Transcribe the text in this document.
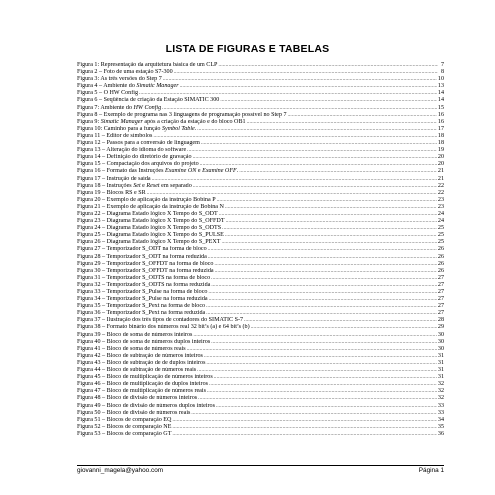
LISTA DE FIGURAS E TABELAS
Figura 1: Representação da arquitetura básica de um CLP .....	7
Figura 2 – Foto de uma estação S7-300 .....	8
Figura 3: As três versões do Step 7 .....	10
Figura 4 – Ambiente do Simatic Manager .....	13
Figura 5 – O HW Config .....	14
Figura 6 – Seqüência de criação da Estação SIMATIC 300 .....	14
Figura 7: Ambiente do HW Config .....	15
Figura 8 – Exemplo de programa nas 3 linguagens de programação possível no Step 7 .....	16
Figura 9: Simatic Manager após a criação da estação e do bloco OB1 .....	16
Figura 10: Caminho para a função Symbol Table. .....	17
Figura 11 – Editor de símbolos .....	18
Figura 12 – Passos para a conversão de linguagem .....	18
Figura 13 – Alteração do idioma do software .....	19
Figura 14 – Definição do diretório de gravação .....	20
Figura 15 – Compactação dos arquivos do projeto .....	20
Figura 16 – Formato das Instruções Examine ON e Examine OFF. .....	21
Figura 17 – Instrução de saída .....	21
Figura 18 – Instruções Set e Reset em separado .....	22
Figura 19 – Blocos RS e SR .....	22
Figura 20 – Exemplo de aplicação da instrução Bobina P .....	23
Figura 21 – Exemplo de aplicação da instrução de Bobina N .....	23
Figura 22 – Diagrama Estado lógico X Tempo do S_ODT .....	24
Figura 23 – Diagrama Estado lógico X Tempo do S_OFFDT .....	24
Figura 24 – Diagrama Estado lógico X Tempo do S_ODTS .....	25
Figura 25 – Diagrama Estado lógico X Tempo do S_PULSE .....	25
Figura 26 – Diagrama Estado lógico X Tempo do S_PEXT .....	25
Figura 27 – Temporizador S_ODT na forma de bloco .....	26
Figura 28 – Temporizador S_ODT na forma reduzida .....	26
Figura 29 – Temporizador S_OFFDT na forma de bloco .....	26
Figura 30 – Temporizador S_OFFDT na forma reduzida .....	26
Figura 31 – Temporizador S_ODTS na forma de bloco .....	27
Figura 32 – Temporizador S_ODTS na forma reduzida .....	27
Figura 33 – Temporizador S_Pulse na forma de bloco .....	27
Figura 34 – Temporizador S_Pulse na forma reduzida .....	27
Figura 35 – Temporizador S_Pext na forma de bloco .....	27
Figura 36 – Temporizador S_Pext na forma reduzida .....	27
Figura 37 – Ilustração dos três tipos de contadores do SIMATIC S-7 .....	28
Figura 38 – Formato binário dos números real 32 bit’s (a) e 64 bit’s (b) .....	29
Figura 39 – Bloco de soma de números inteiros .....	30
Figura 40 – Bloco de soma de números duplos inteiros .....	30
Figura 41 – Bloco de soma de números reais .....	30
Figura 42 – Bloco de subtração de números inteiros .....	31
Figura 43 – Bloco de subtração de de duplos inteiros .....	31
Figura 44 – Bloco de subtração de números reais .....	31
Figura 45 – Bloco de multiplicação de números inteiros .....	31
Figura 46 – Bloco de multiplicação de duplos inteiros .....	32
Figura 47 – Bloco de multiplicação de números reais .....	32
Figura 48 – Bloco de divisão de números inteiros .....	32
Figura 49 – Bloco de divisão de números duplos inteiros .....	33
Figura 50 – Bloco de divisão de números reais .....	33
Figura 51 – Blocos de comparação EQ .....	34
Figura 52 – Blocos de comparação NE .....	35
Figura 53 – Blocos de comparação GT .....	36
giovanni_magela@yahoo.com	Página 1
